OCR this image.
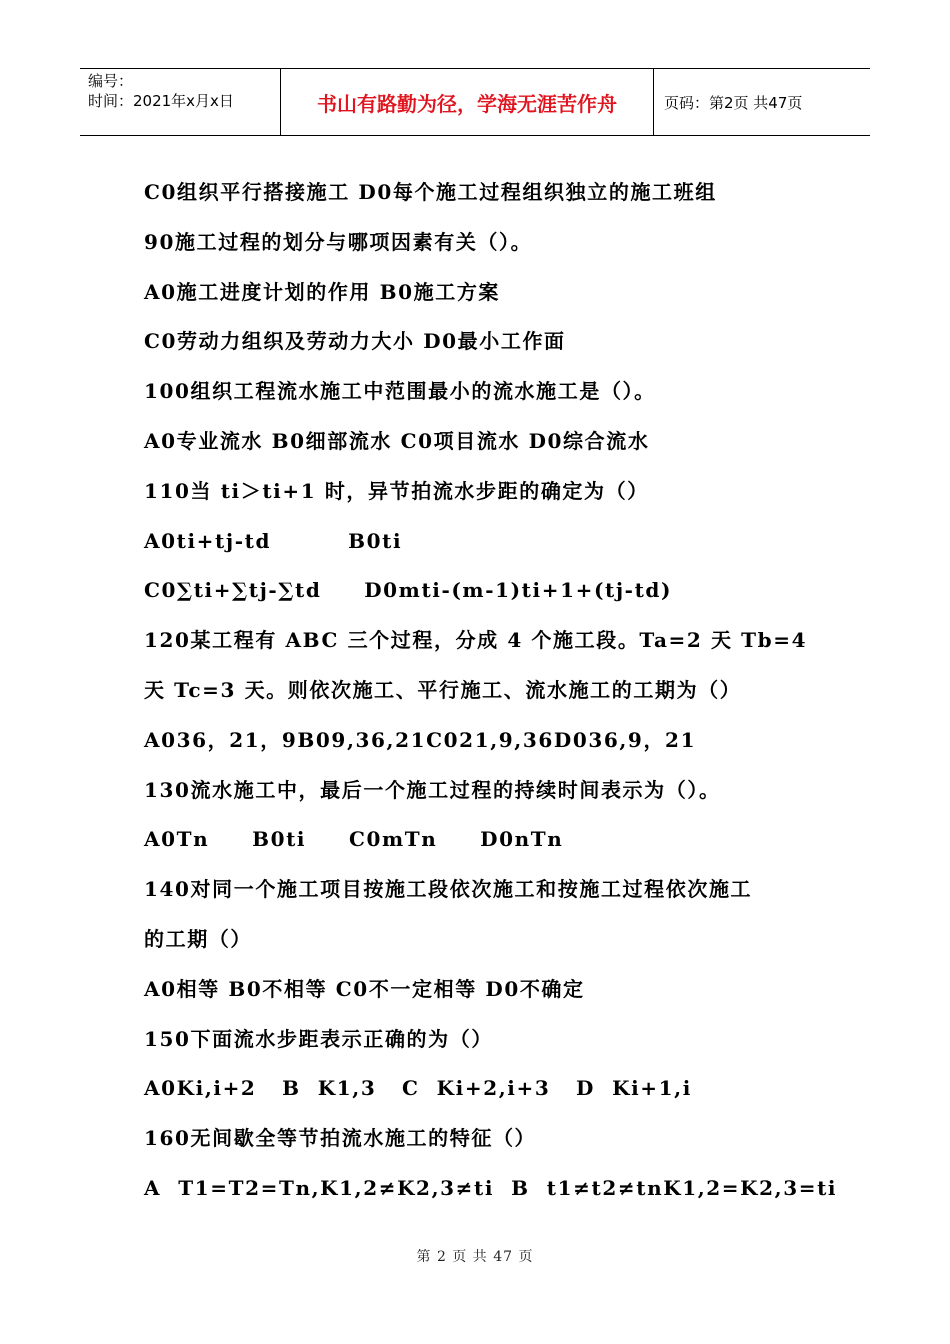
编号：
时间：2021年x月x日	书山有路勤为径，学海无涯苦作舟	页码：第2页 共47页
C0组织平行搭接施工 D0每个施工过程组织独立的施工班组
90施工过程的划分与哪项因素有关（）。
A0施工进度计划的作用 B0施工方案
C0劳动力组织及劳动力大小 D0最小工作面
100组织工程流水施工中范围最小的流水施工是（）。
A0专业流水 B0细部流水 C0项目流水 D0综合流水
110当 ti＞ti+1 时，异节拍流水步距的确定为（）
A0ti+tj-td         B0ti
C0∑ti+∑tj-∑td     D0mti-(m-1)ti+1+(tj-td)
120某工程有 ABC 三个过程，分成 4 个施工段。Ta=2 天 Tb=4
天 Tc=3 天。则依次施工、平行施工、流水施工的工期为（）
A036，21，9B09,36,21C021,9,36D036,9，21
130流水施工中，最后一个施工过程的持续时间表示为（）。
A0Tn     B0ti     C0mTn     D0nTn
140对同一个施工项目按施工段依次施工和按施工过程依次施工
的工期（）
A0相等 B0不相等 C0不一定相等 D0不确定
150下面流水步距表示正确的为（）
A0Ki,i+2   B  K1,3   C  Ki+2,i+3   D  Ki+1,i
160无间歇全等节拍流水施工的特征（）
A  T1=T2=Tn,K1,2≠K2,3≠ti  B  t1≠t2≠tnK1,2=K2,3=ti
第 2 页 共 47 页
